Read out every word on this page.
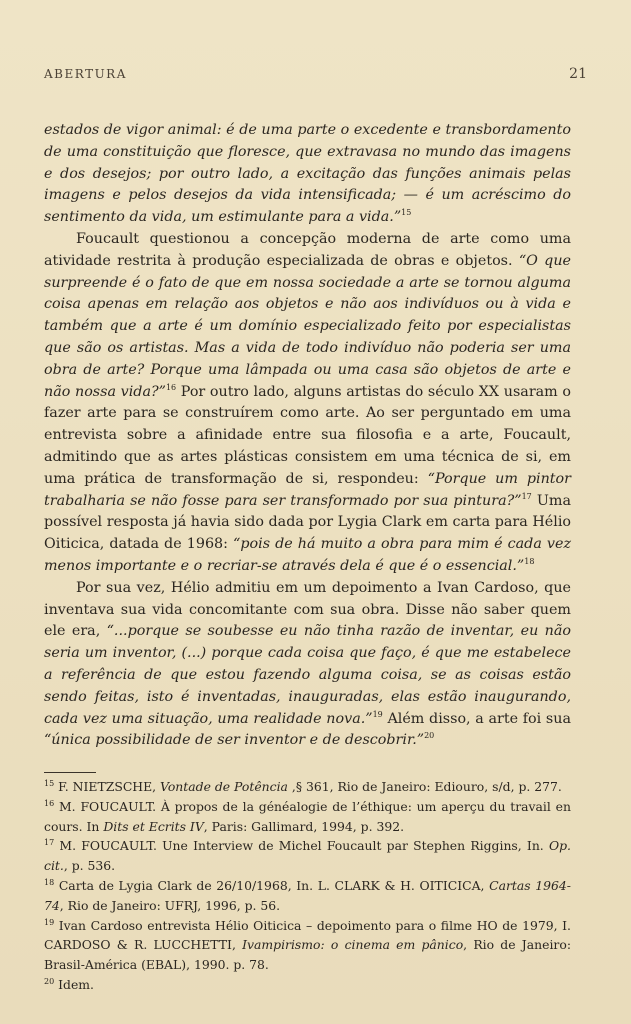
ABERTURA	21

estados de vigor animal: é de uma parte o excedente e transbordamento de uma constituição que floresce, que extravasa no mundo das imagens e dos desejos; por outro lado, a excitação das funções animais pelas imagens e pelos desejos da vida intensificada; — é um acréscimo do sentimento da vida, um estimulante para a vida.”$^{15}$

Foucault questionou a concepção moderna de arte como uma atividade restrita à produção especializada de obras e objetos. “O que surpreende é o fato de que em nossa sociedade a arte se tornou alguma coisa apenas em relação aos objetos e não aos indivíduos ou à vida e também que a arte é um domínio especializado feito por especialistas que são os artistas. Mas a vida de todo indivíduo não poderia ser uma obra de arte? Porque uma lâmpada ou uma casa são objetos de arte e não nossa vida?”$^{16}$ Por outro lado, alguns artistas do século XX usaram o fazer arte para se construírem como arte. Ao ser perguntado em uma entrevista sobre a afinidade entre sua filosofia e a arte, Foucault, admitindo que as artes plásticas consistem em uma técnica de si, em uma prática de transformação de si, respondeu: “Porque um pintor trabalharia se não fosse para ser transformado por sua pintura?”$^{17}$ Uma possível resposta já havia sido dada por Lygia Clark em carta para Hélio Oiticica, datada de 1968: “pois de há muito a obra para mim é cada vez menos importante e o recriar-se através dela é que é o essencial.”$^{18}$

Por sua vez, Hélio admitiu em um depoimento a Ivan Cardoso, que inventava sua vida concomitante com sua obra. Disse não saber quem ele era, “...porque se soubesse eu não tinha razão de inventar, eu não seria um inventor, (...) porque cada coisa que faço, é que me estabelece a referência de que estou fazendo alguma coisa, se as coisas estão sendo feitas, isto é inventadas, inauguradas, elas estão inaugurando, cada vez uma situação, uma realidade nova.”$^{19}$ Além disso, a arte foi sua “única possibilidade de ser inventor e de descobrir.”$^{20}$

$^{15}$ F. NIETZSCHE, Vontade de Potência ,§ 361, Rio de Janeiro: Ediouro, s/d, p. 277.

$^{16}$ M. FOUCAULT. À propos de la généalogie de l’éthique: um aperçu du travail en cours. In Dits et Ecrits IV, Paris: Gallimard, 1994, p. 392.

$^{17}$ M. FOUCAULT. Une Interview de Michel Foucault par Stephen Riggins, In. Op. cit., p. 536.

$^{18}$ Carta de Lygia Clark de 26/10/1968, In. L. CLARK & H. OITICICA, Cartas 1964-74, Rio de Janeiro: UFRJ, 1996, p. 56.

$^{19}$ Ivan Cardoso entrevista Hélio Oiticica – depoimento para o filme HO de 1979, I. CARDOSO & R. LUCCHETTI, Ivampirismo: o cinema em pânico, Rio de Janeiro: Brasil-América (EBAL), 1990. p. 78.

$^{20}$ Idem.
